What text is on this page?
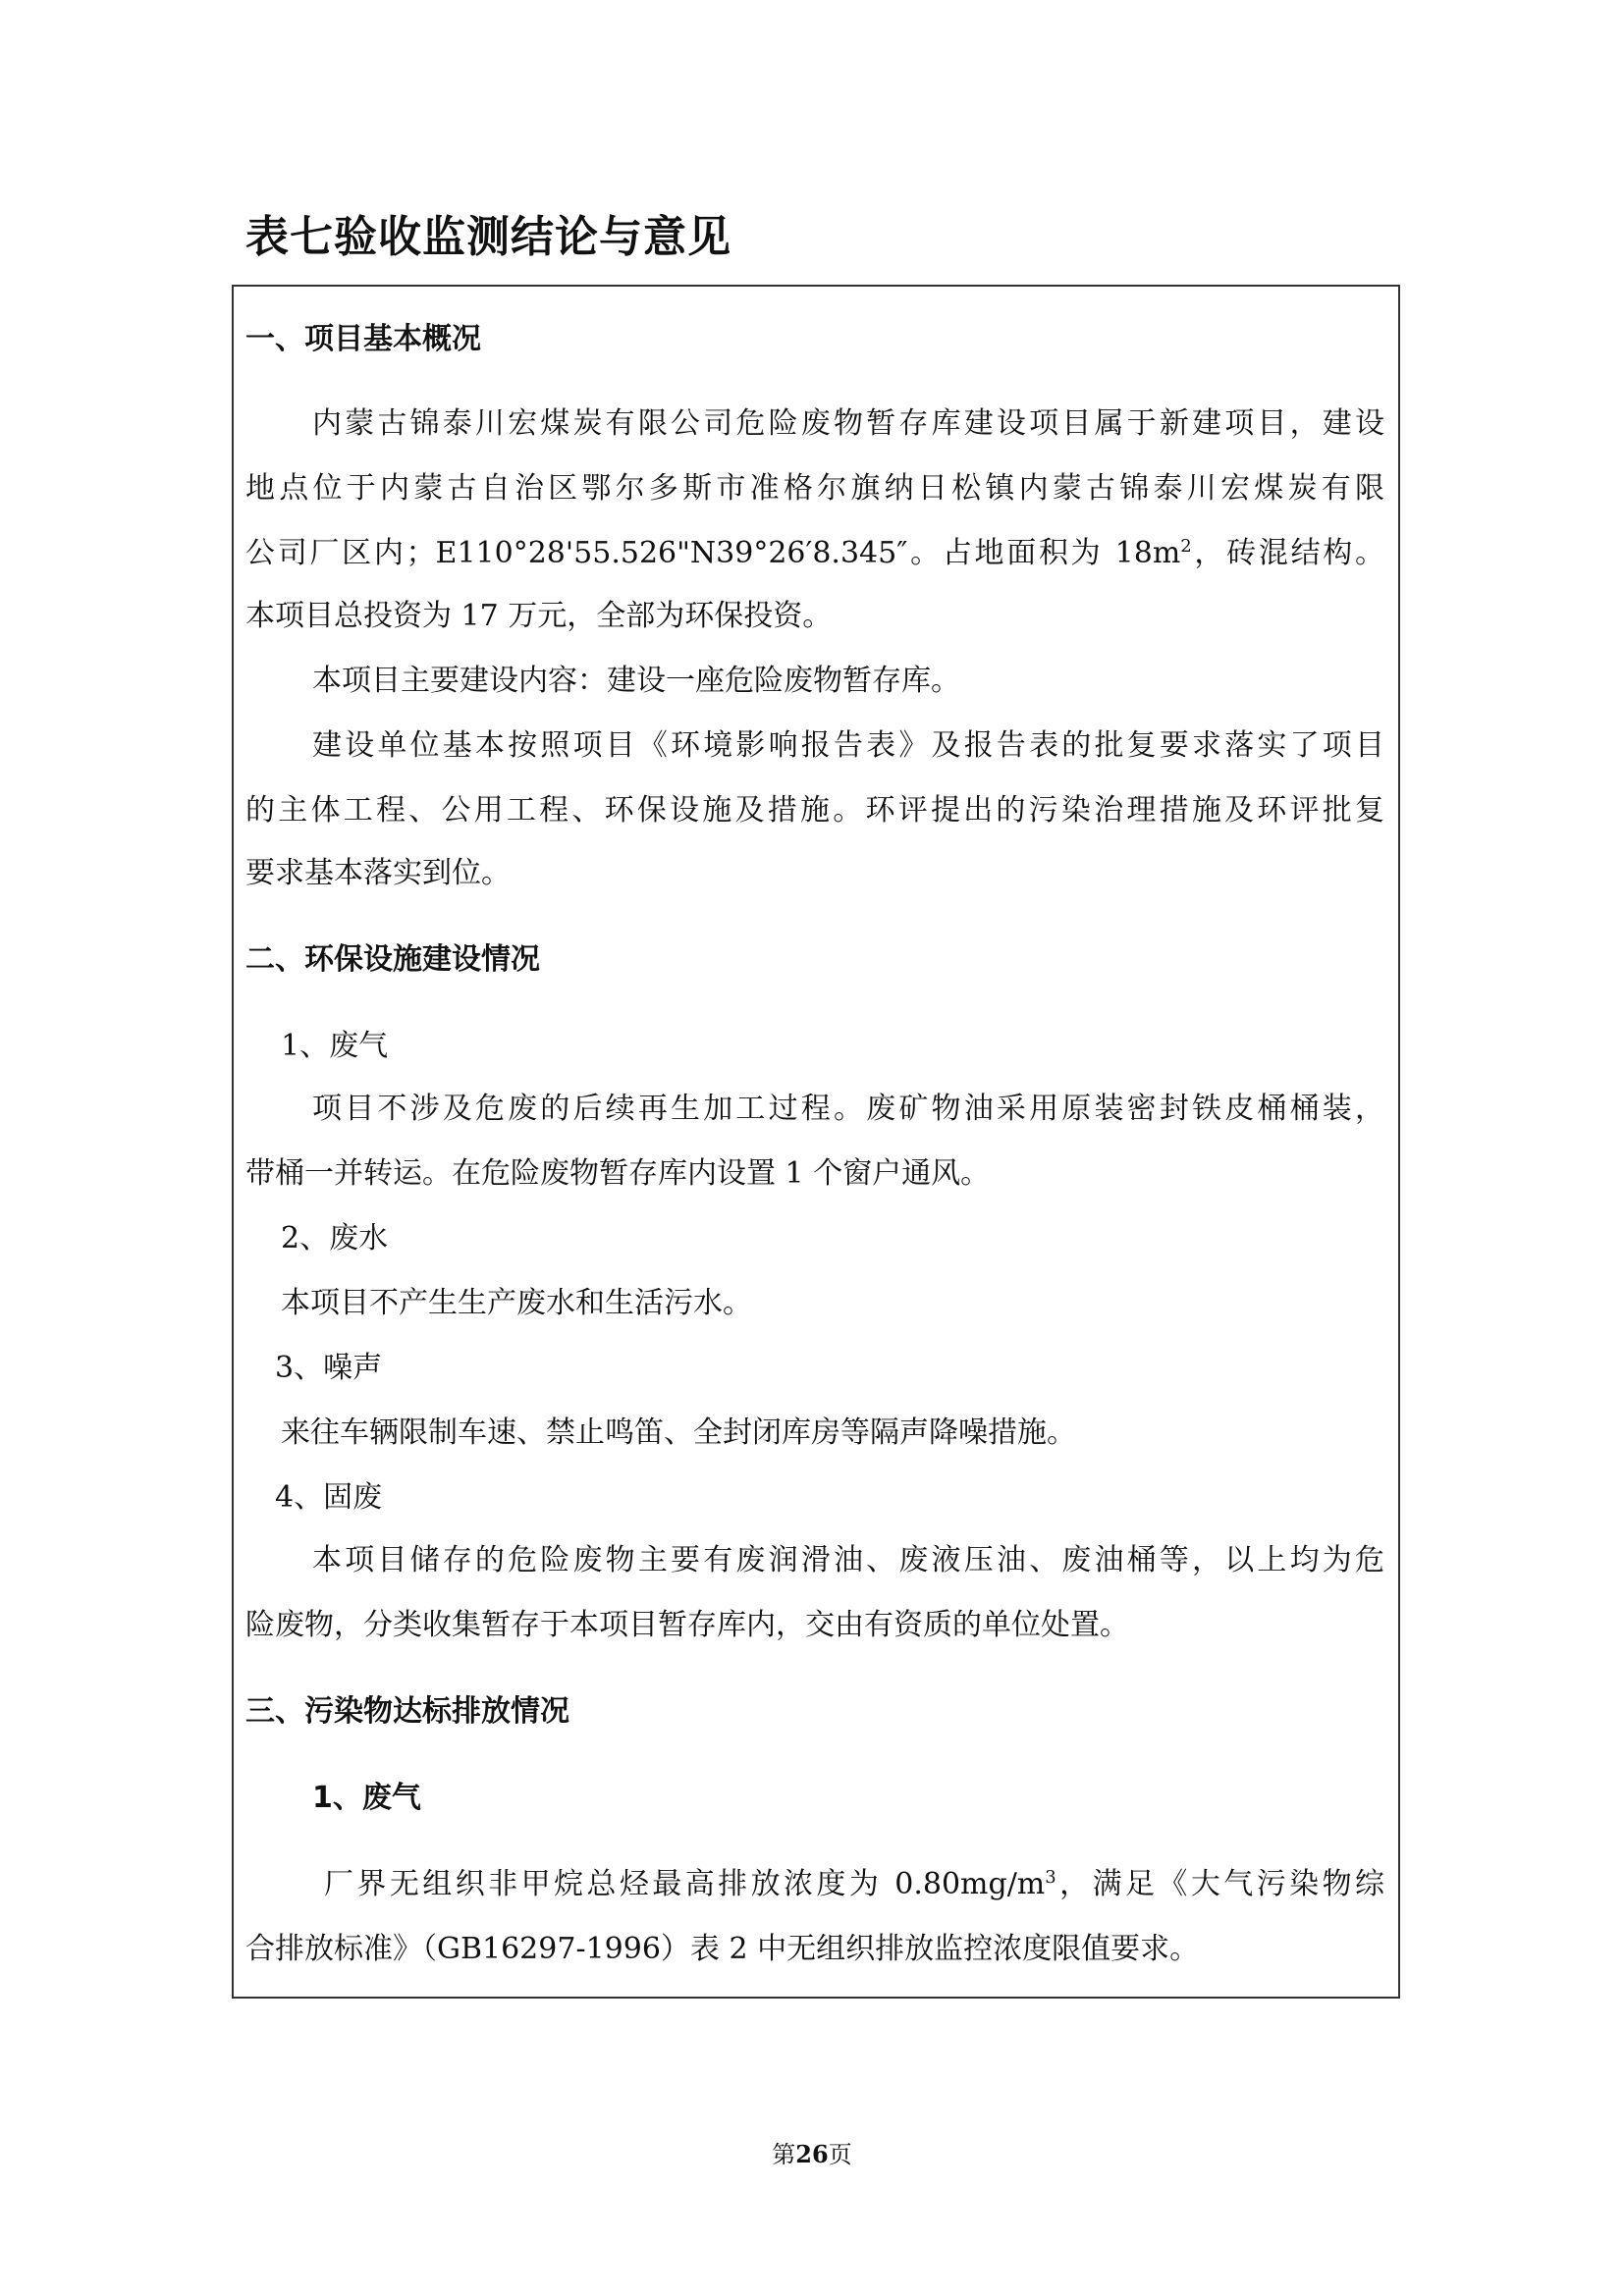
表七验收监测结论与意见
一、项目基本概况
内蒙古锦泰川宏煤炭有限公司危险废物暂存库建设项目属于新建项目，建设
地点位于内蒙古自治区鄂尔多斯市准格尔旗纳日松镇内蒙古锦泰川宏煤炭有限
公司厂区内；E110°28'55.526"N39°26′8.345″。占地面积为 $18m^2$，砖混结构。
本项目总投资为 17 万元，全部为环保投资。
本项目主要建设内容：建设一座危险废物暂存库。
建设单位基本按照项目《环境影响报告表》及报告表的批复要求落实了项目
的主体工程、公用工程、环保设施及措施。环评提出的污染治理措施及环评批复
要求基本落实到位。
二、环保设施建设情况
1、废气
项目不涉及危废的后续再生加工过程。废矿物油采用原装密封铁皮桶桶装，
带桶一并转运。在危险废物暂存库内设置 1 个窗户通风。
2、废水
本项目不产生生产废水和生活污水。
3、噪声
来往车辆限制车速、禁止鸣笛、全封闭库房等隔声降噪措施。
4、固废
本项目储存的危险废物主要有废润滑油、废液压油、废油桶等，以上均为危
险废物，分类收集暂存于本项目暂存库内，交由有资质的单位处置。
三、污染物达标排放情况
1、废气
厂界无组织非甲烷总烃最高排放浓度为 $0.80mg/m^3$，满足《大气污染物综
合排放标准》（GB16297-1996）表 2 中无组织排放监控浓度限值要求。
第26页
